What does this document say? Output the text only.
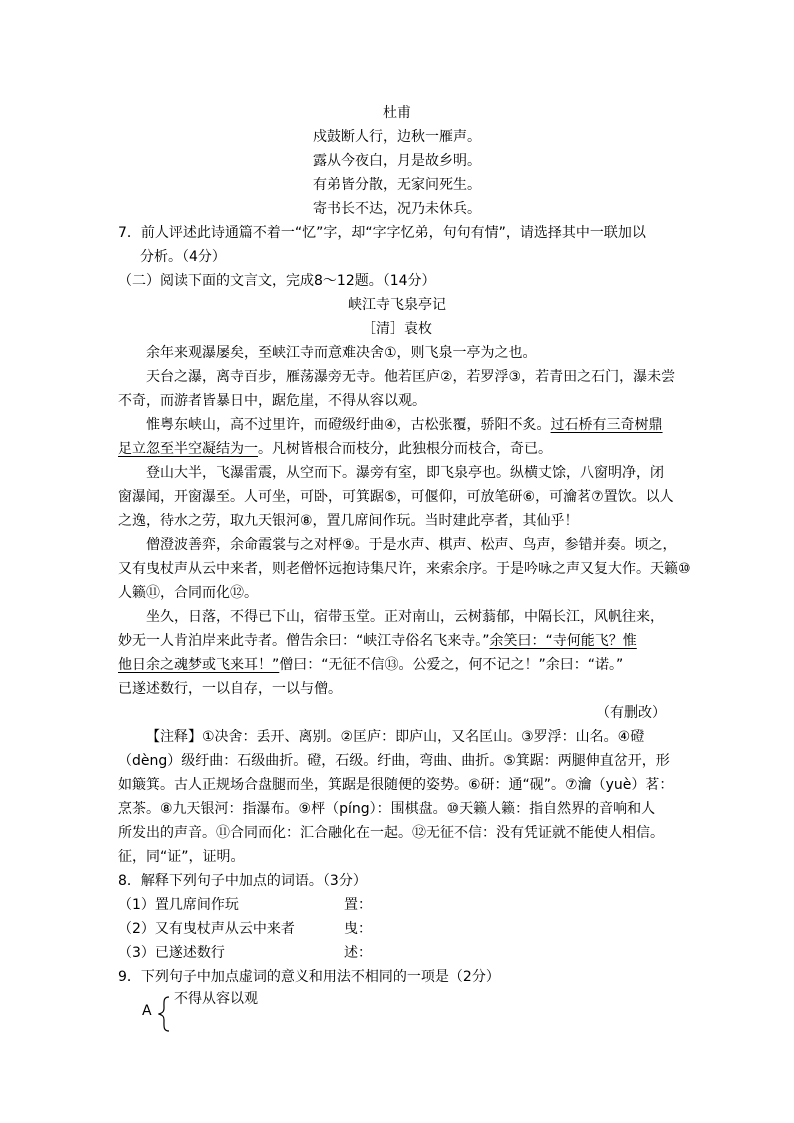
杜甫
戍鼓断人行，边秋一雁声。
露从今夜白，月是故乡明。
有弟皆分散，无家问死生。
寄书长不达，况乃未休兵。
7．前人评述此诗通篇不着一“忆”字，却“字字忆弟，句句有情”，请选择其中一联加以
分析。（4分）
（二）阅读下面的文言文，完成8～12题。（14分）
峡江寺飞泉亭记
［清］袁枚
余年来观瀑屡矣，至峡江寺而意难决舍①，则飞泉一亭为之也。
天台之瀑，离寺百步，雁荡瀑旁无寺。他若匡庐②，若罗浮③，若青田之石门，瀑未尝
不奇，而游者皆暴日中，踞危崖，不得从容以观。
惟粤东峡山，高不过里许，而磴级纡曲④，古松张覆，骄阳不炙。过石桥有三奇树鼎
足立忽至半空凝结为一。凡树皆根合而枝分，此独根分而枝合，奇已。
登山大半，飞瀑雷震，从空而下。瀑旁有室，即飞泉亭也。纵横丈馀，八窗明净，闭
窗瀑闻，开窗瀑至。人可坐，可卧，可箕踞⑤，可偃仰，可放笔研⑥，可瀹茗⑦置饮。以人
之逸，待水之劳，取九天银河⑧，置几席间作玩。当时建此亭者，其仙乎！
僧澄波善弈，余命霞裳与之对枰⑨。于是水声、棋声、松声、鸟声，参错并奏。顷之，
又有曳杖声从云中来者，则老僧怀远抱诗集尺许，来索余序。于是吟咏之声又复大作。天籁⑩
人籁⑪，合同而化⑫。
坐久，日落，不得已下山，宿带玉堂。正对南山，云树蓊郁，中隔长江，风帆往来，
妙无一人肯泊岸来此寺者。僧告余曰：“峡江寺俗名飞来寺。”余笑曰：“寺何能飞？惟
他日余之魂梦或飞来耳！”僧曰：“无征不信⑬。公爱之，何不记之！”余曰：“诺。”
已遂述数行，一以自存，一以与僧。
（有删改）
【注释】①决舍：丢开、离别。②匡庐：即庐山，又名匡山。③罗浮：山名。④磴
（dèng）级纡曲：石级曲折。磴，石级。纡曲，弯曲、曲折。⑤箕踞：两腿伸直岔开，形
如簸箕。古人正规场合盘腿而坐，箕踞是很随便的姿势。⑥研：通“砚”。⑦瀹（yuè）茗：
烹茶。⑧九天银河：指瀑布。⑨枰（píng）：围棋盘。⑩天籁人籁：指自然界的音响和人
所发出的声音。⑪合同而化：汇合融化在一起。⑫无征不信：没有凭证就不能使人相信。
征，同“证”，证明。
8．解释下列句子中加点的词语。（3分）
（1）置几席间作玩	置：
（2）又有曳杖声从云中来者	曳：
（3）已遂述数行	述：
9．下列句子中加点虚词的意义和用法不相同的一项是（2分）
A
不得从容以观
